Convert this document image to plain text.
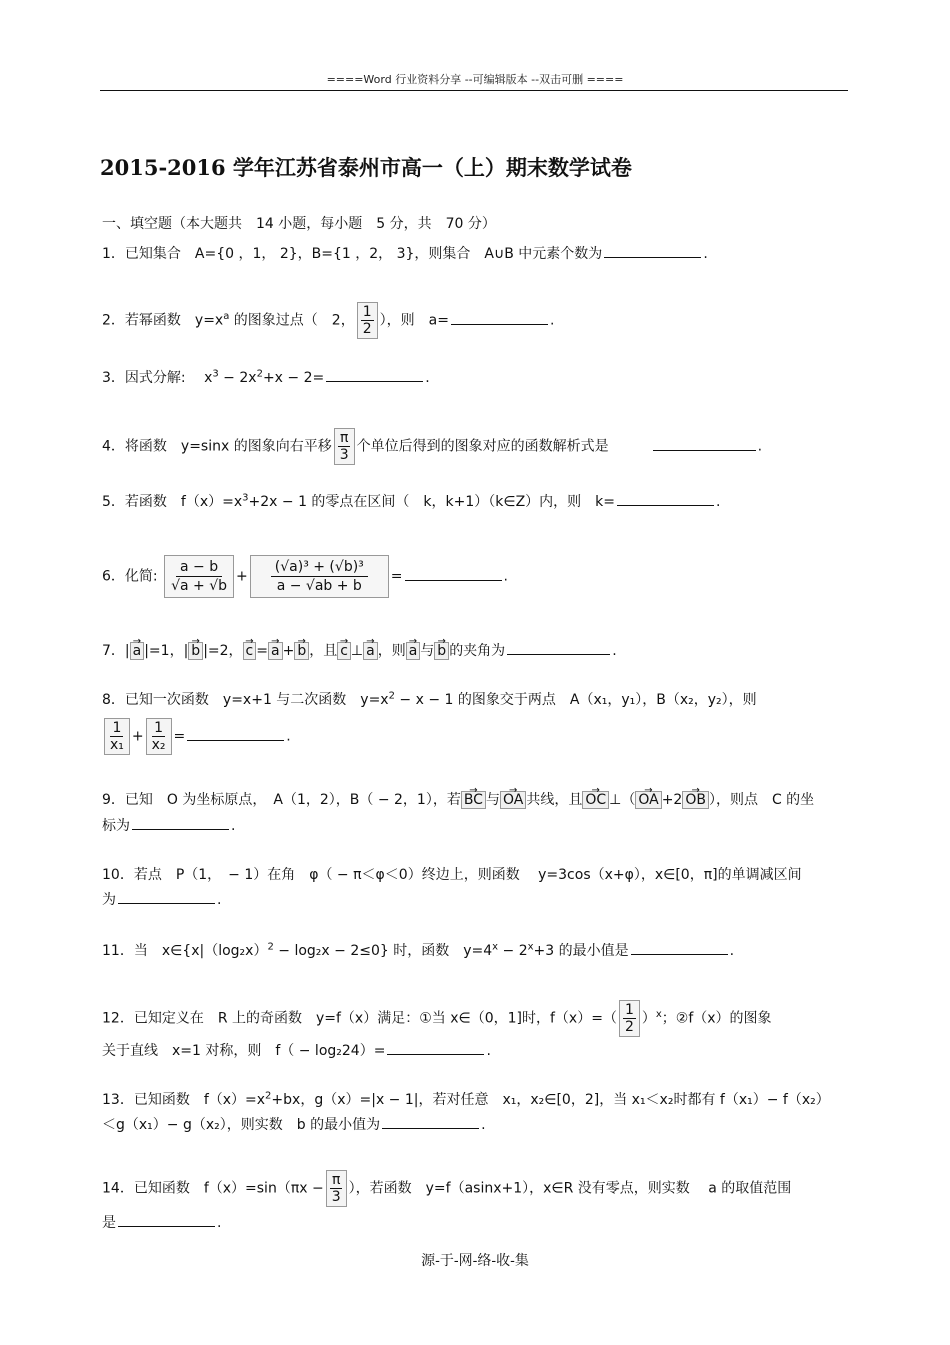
====Word 行业资料分享 --可编辑版本 --双击可删 ====
2015-2016 学年江苏省泰州市高一（上）期末数学试卷
一、填空题（本大题共　14 小题，每小题　5 分，共　70 分）
1．已知集合　A={0 ，1， 2}，B={1 ，2， 3}，则集合　A∪B 中元素个数为	.
2．若幂函数　$y=x^a$ 的图象过点（　2， $\frac{1}{2}$ ），则　a=	.
3．因式分解:　 $x^3 - 2x^2+x - 2=$	.
4．将函数　y=sinx 的图象向右平移 $\frac{\pi}{3}$ 个单位后得到的图象对应的函数解析式是　　　	.
5．若函数　$f(x)=x^3+2x - 1$ 的零点在区间（　k，k+1）（k∈Z）内，则　k=	.
6．化简: $\frac{a - b}{√a + √b} + \frac{\text{(√a)³ + (√b)³}}{a - √ab + b}$ =	.
7．| → a |=1，| → b |=2， → c = → a + → b ，且 → c ⊥ → a ，则 → a 与 → b 的夹角为	.
8．已知一次函数　y=x+1 与二次函数　$y=x^2 - x - 1$ 的图象交于两点　A（x₁，y₁），B（x₂，y₂），则
$\frac{1}{\text{x₁}} + \frac{1}{\text{x₂}}$ =	.
9．已知　O 为坐标原点，　A（1，2），B（ − 2，1），若 → BC 与 → OA 共线，且 → OC ⊥（ → OA +2 → OB ），则点　C 的坐
标为	.
10．若点　P（1，　− 1）在角　φ（ − π＜φ＜0）终边上，则函数　 y=3cos（x+φ），x∈[0，π]的单调减区间
为	.
11．当　$x\in\{x|(\log_2x)^2 - \log_2x - 2\le 0\}$ 时，函数　$y=4^x - 2^x+3$ 的最小值是	.
12．已知定义在　R 上的奇函数　y=f（x）满足：①当 x∈（0，1]时，$f(x)=( \frac{1}{2} )^x$；②f（x）的图象
关于直线　x=1 对称，则　f（ − log₂24）=	.
13．已知函数　$f(x)=x^2+bx$，g（x）=|x − 1|，若对任意　x₁，x₂∈[0，2]，当 x₁＜x₂时都有 f（x₁）− f（x₂）
＜g（x₁）− g（x₂），则实数　b 的最小值为	.
14．已知函数　$f(x)=\sin(\pi x - \frac{\pi}{3}$ ），若函数　y=f（asinx+1），x∈R 没有零点，则实数　 a 的取值范围
是	.
源-于-网-络-收-集
